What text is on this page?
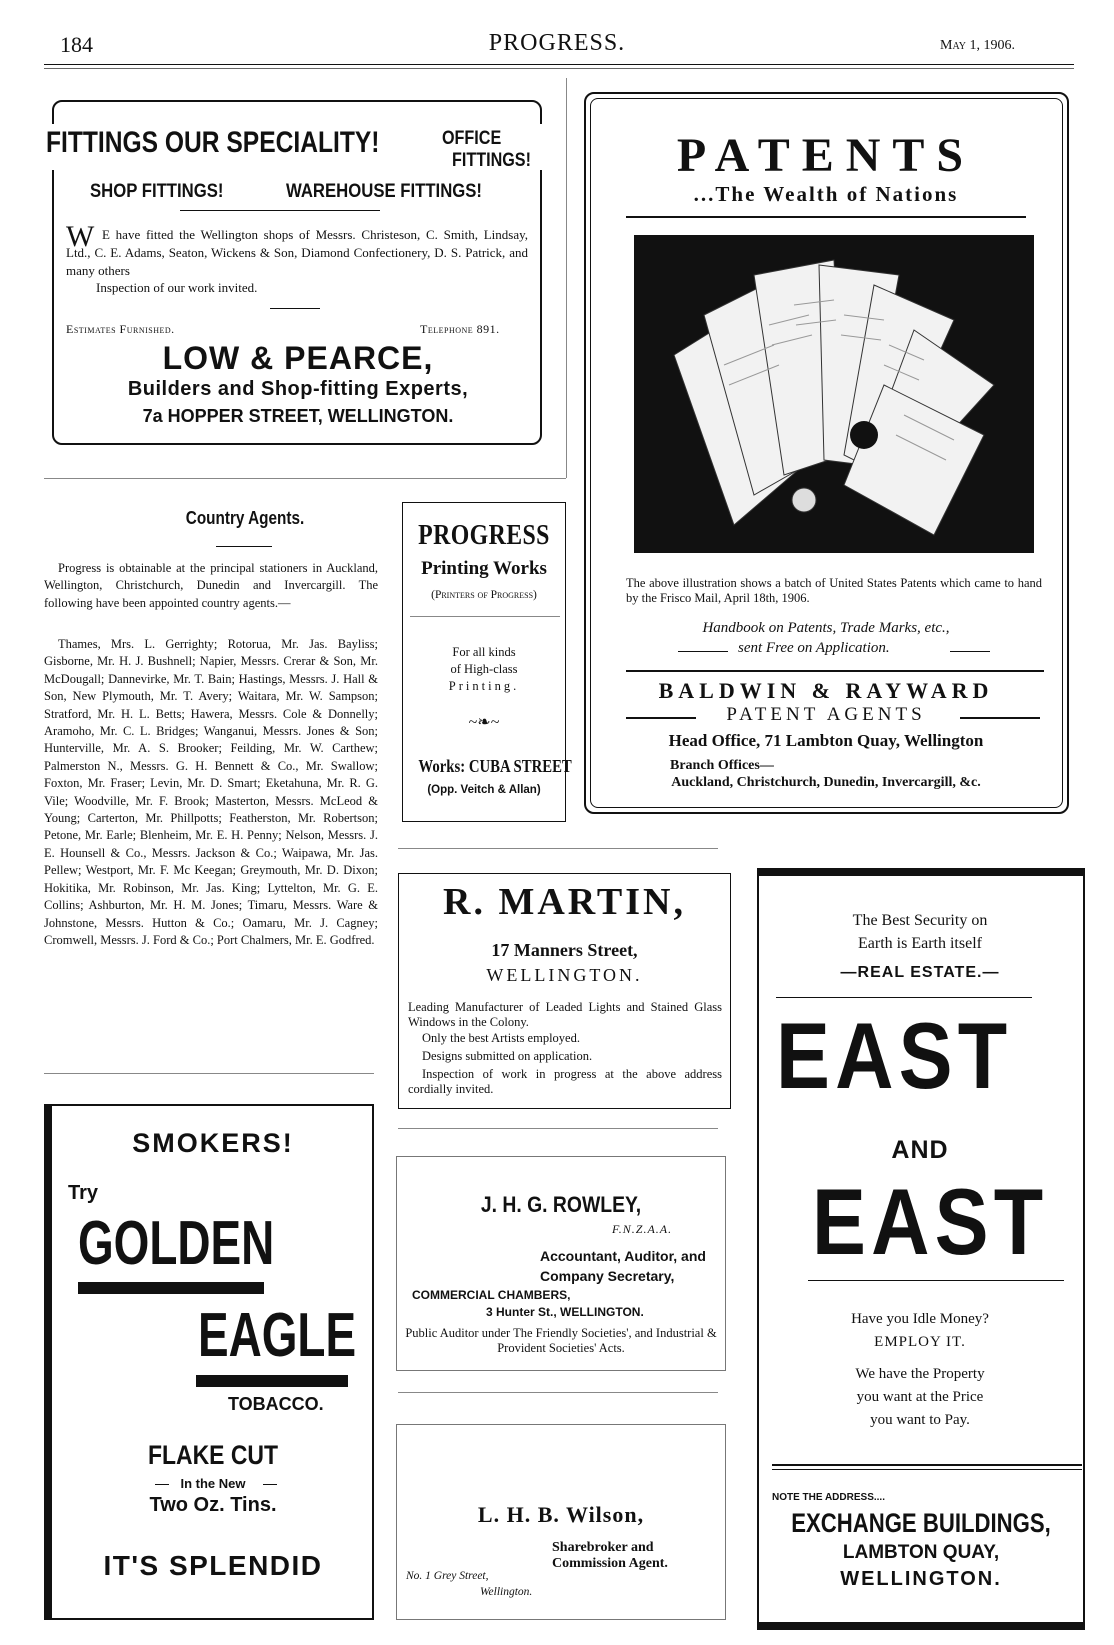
184	PROGRESS.	May 1, 1906.
FITTINGS OUR SPECIALITY!	OFFICE
FITTINGS!
SHOP FITTINGS!	WAREHOUSE FITTINGS!
W E have fitted the Wellington shops of Messrs. Christeson, C. Smith, Lindsay, Ltd., C. E. Adams, Seaton, Wickens & Son, Diamond Confectionery, D. S. Patrick, and many others
Inspection of our work invited.
Estimates Furnished.	Telephone 891.
LOW & PEARCE,
Builders and Shop-fitting Experts,
7a HOPPER STREET, WELLINGTON.
PATENTS
...The Wealth of Nations
The above illustration shows a batch of United States Patents which came to hand by the Frisco Mail, April 18th, 1906.
Handbook on Patents, Trade Marks, etc.,
sent Free on Application.
BALDWIN & RAYWARD
PATENT AGENTS
Head Office, 71 Lambton Quay, Wellington
Branch Offices—
Auckland, Christchurch, Dunedin, Invercargill, &c.
Country Agents.
Progress is obtainable at the principal stationers in Auckland, Wellington, Christchurch, Dunedin and Invercargill. The following have been appointed country agents.—
Thames, Mrs. L. Gerrighty; Rotorua, Mr. Jas. Bayliss; Gisborne, Mr. H. J. Bushnell; Napier, Messrs. Crerar & Son, Mr. McDougall; Dannevirke, Mr. T. Bain; Hastings, Messrs. J. Hall & Son, New Plymouth, Mr. T. Avery; Waitara, Mr. W. Sampson; Stratford, Mr. H. L. Betts; Hawera, Messrs. Cole & Donnelly; Aramoho, Mr. C. L. Bridges; Wanganui, Messrs. Jones & Son; Hunterville, Mr. A. S. Brooker; Feilding, Mr. W. Carthew; Palmerston N., Messrs. G. H. Bennett & Co., Mr. Swallow; Foxton, Mr. Fraser; Levin, Mr. D. Smart; Eketahuna, Mr. R. G. Vile; Woodville, Mr. F. Brook; Masterton, Messrs. McLeod & Young; Carterton, Mr. Phillpotts; Featherston, Mr. Robertson; Petone, Mr. Earle; Blenheim, Mr. E. H. Penny; Nelson, Messrs. J. E. Hounsell & Co., Messrs. Jackson & Co.; Waipawa, Mr. Jas. Pellew; Westport, Mr. F. Mc Keegan; Greymouth, Mr. D. Dixon; Hokitika, Mr. Robinson, Mr. Jas. King; Lyttelton, Mr. G. E. Collins; Ashburton, Mr. H. M. Jones; Timaru, Messrs. Ware & Johnstone, Messrs. Hutton & Co.; Oamaru, Mr. J. Cagney; Cromwell, Messrs. J. Ford & Co.; Port Chalmers, Mr. E. Godfred.
PROGRESS
Printing Works
(Printers of Progress)
For all kinds
of High-class
Printing.
~❧~
Works: CUBA STREET
(Opp. Veitch & Allan)
R. MARTIN,
17 Manners Street,
WELLINGTON.
Leading Manufacturer of Leaded Lights and Stained Glass Windows in the Colony.
Only the best Artists employed.
Designs submitted on application.
Inspection of work in progress at the above address cordially invited.
J. H. G. ROWLEY,
F.N.Z.A.A.
Accountant, Auditor, and
Company Secretary,
COMMERCIAL CHAMBERS,
3 Hunter St., WELLINGTON.
Public Auditor under The Friendly Societies', and Industrial & Provident Societies' Acts.
L. H. B. Wilson,
Sharebroker and
Commission Agent.
No. 1 Grey Street,
Wellington.
SMOKERS!
Try
GOLDEN
EAGLE
TOBACCO.
FLAKE CUT
In the New
Two Oz. Tins.
IT'S SPLENDID
The Best Security on
Earth is Earth itself
—REAL ESTATE.—
EAST
AND
EAST
Have you Idle Money?
EMPLOY IT.
We have the Property
you want at the Price
you want to Pay.
NOTE THE ADDRESS....
EXCHANGE BUILDINGS,
LAMBTON QUAY,
WELLINGTON.
